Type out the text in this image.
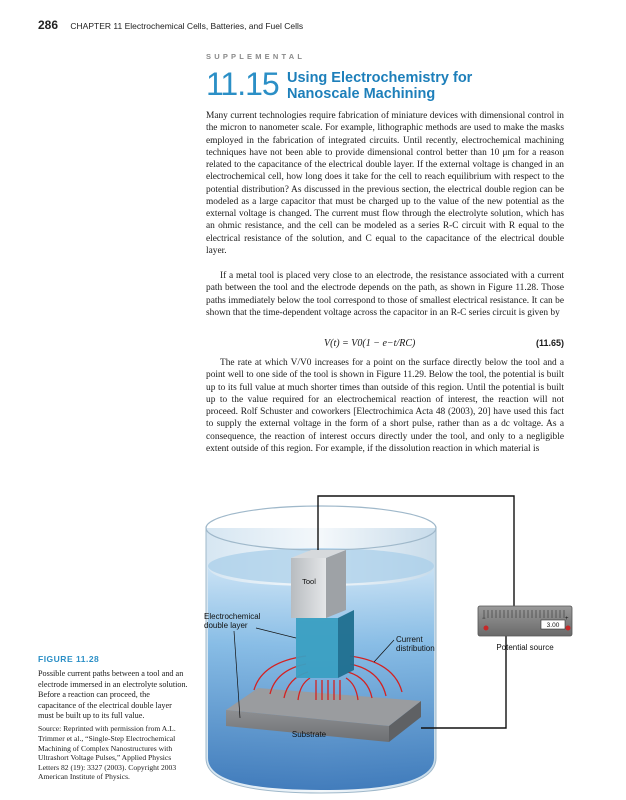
286 CHAPTER 11 Electrochemical Cells, Batteries, and Fuel Cells
SUPPLEMENTAL
11.15 Using Electrochemistry for
Nanoscale Machining

Many current technologies require fabrication of miniature devices with dimensional control in the micron to nanometer scale. For example, lithographic methods are used to make the masks employed in the fabrication of integrated circuits. Until recently, electrochemical machining techniques have not been able to provide dimensional control better than 10 μm for a reason related to the capacitance of the electrical double layer. If the external voltage is changed in an electrochemical cell, how long does it take for the cell to reach equilibrium with respect to the potential distribution? As discussed in the previous section, the electrical double region can be modeled as a large capacitor that must be charged up to the value of the new potential as the external voltage is changed. The current must flow through the electrolyte solution, which has an ohmic resistance, and the cell can be modeled as a series R-C circuit with R equal to the electrical resistance of the solution, and C equal to the capacitance of the electrical double layer.

If a metal tool is placed very close to an electrode, the resistance associated with a current path between the tool and the electrode depends on the path, as shown in Figure 11.28. Those paths immediately below the tool correspond to those of smallest electrical resistance. It can be shown that the time-dependent voltage across the capacitor in an R-C series circuit is given by

V(t) = V0(1 − e−t/RC)	(11.65)

The rate at which V/V0 increases for a point on the surface directly below the tool and a point well to one side of the tool is shown in Figure 11.29. Below the tool, the potential is built up to its full value at much shorter times than outside of this region. Until the potential is built up to the value required for an electrochemical reaction of interest, the reaction will not proceed. Rolf Schuster and coworkers [Electrochimica Acta 48 (2003), 20] have used this fact to supply the external voltage in the form of a short pulse, rather than as a dc voltage. As a consequence, the reaction of interest occurs directly under the tool, and only to a negligible extent outside of this region. For example, if the dissolution reaction in which material is

FIGURE 11.28
Possible current paths between a tool and an electrode immersed in an electrolyte solution. Before a reaction can proceed, the capacitance of the electrical double layer must be built up to its full value.
Source: Reprinted with permission from A.L. Trimmer et al., “Single-Step Electrochemical Machining of Complex Nanostructures with Ultrashort Voltage Pulses,” Applied Physics Letters 82 (19): 3327 (2003). Copyright 2003 American Institute of Physics.
Substrate
Tool
Electrochemical
double layer
Current
distribution
3.00
−	+
Potential source
